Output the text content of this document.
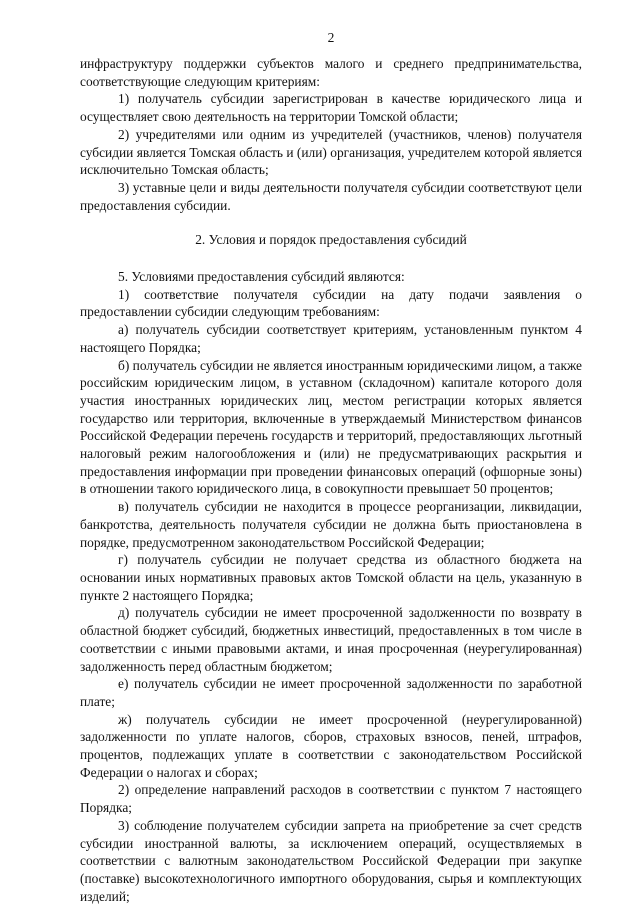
2

инфраструктуру поддержки субъектов малого и среднего предпринимательства, соответствующие следующим критериям:

1) получатель субсидии зарегистрирован в качестве юридического лица и осуществляет свою деятельность на территории Томской области;

2) учредителями или одним из учредителей (участников, членов) получателя субсидии является Томская область и (или) организация, учредителем которой является исключительно Томская область;

3) уставные цели и виды деятельности получателя субсидии соответствуют цели предоставления субсидии.

2. Условия и порядок предоставления субсидий

5. Условиями предоставления субсидий являются:

1) соответствие получателя субсидии на дату подачи заявления о предоставлении субсидии следующим требованиям:

а) получатель субсидии соответствует критериям, установленным пунктом 4 настоящего Порядка;

б) получатель субсидии не является иностранным юридическими лицом, а также российским юридическим лицом, в уставном (складочном) капитале которого доля участия иностранных юридических лиц, местом регистрации которых является государство или территория, включенные в утверждаемый Министерством финансов Российской Федерации перечень государств и территорий, предоставляющих льготный налоговый режим налогообложения и (или) не предусматривающих раскрытия и предоставления информации при проведении финансовых операций (офшорные зоны) в отношении такого юридического лица, в совокупности превышает 50 процентов;

в) получатель субсидии не находится в процессе реорганизации, ликвидации, банкротства, деятельность получателя субсидии не должна быть приостановлена в порядке, предусмотренном законодательством Российской Федерации;

г) получатель субсидии не получает средства из областного бюджета на основании иных нормативных правовых актов Томской области на цель, указанную в пункте 2 настоящего Порядка;

д) получатель субсидии не имеет просроченной задолженности по возврату в областной бюджет субсидий, бюджетных инвестиций, предоставленных в том числе в соответствии с иными правовыми актами, и иная просроченная (неурегулированная) задолженность перед областным бюджетом;

е) получатель субсидии не имеет просроченной задолженности по заработной плате;

ж) получатель субсидии не имеет просроченной (неурегулированной) задолженности по уплате налогов, сборов, страховых взносов, пеней, штрафов, процентов, подлежащих уплате в соответствии с законодательством Российской Федерации о налогах и сборах;

2) определение направлений расходов в соответствии с пунктом 7 настоящего Порядка;

3) соблюдение получателем субсидии запрета на приобретение за счет средств субсидии иностранной валюты, за исключением операций, осуществляемых в соответствии с валютным законодательством Российской Федерации при закупке (поставке) высокотехнологичного импортного оборудования, сырья и комплектующих изделий;
